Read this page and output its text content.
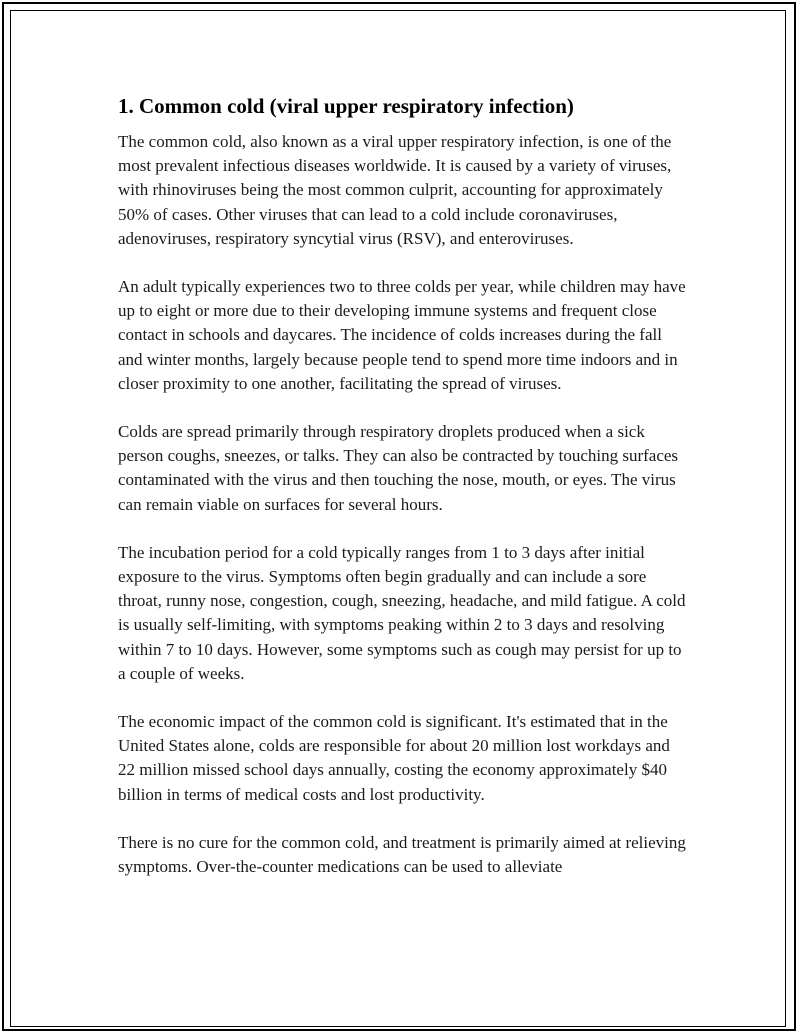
1. Common cold (viral upper respiratory infection)

The common cold, also known as a viral upper respiratory infection, is one of the most prevalent infectious diseases worldwide. It is caused by a variety of viruses, with rhinoviruses being the most common culprit, accounting for approximately 50% of cases. Other viruses that can lead to a cold include coronaviruses, adenoviruses, respiratory syncytial virus (RSV), and enteroviruses.

An adult typically experiences two to three colds per year, while children may have up to eight or more due to their developing immune systems and frequent close contact in schools and daycares. The incidence of colds increases during the fall and winter months, largely because people tend to spend more time indoors and in closer proximity to one another, facilitating the spread of viruses.

Colds are spread primarily through respiratory droplets produced when a sick person coughs, sneezes, or talks. They can also be contracted by touching surfaces contaminated with the virus and then touching the nose, mouth, or eyes. The virus can remain viable on surfaces for several hours.

The incubation period for a cold typically ranges from 1 to 3 days after initial exposure to the virus. Symptoms often begin gradually and can include a sore throat, runny nose, congestion, cough, sneezing, headache, and mild fatigue. A cold is usually self-limiting, with symptoms peaking within 2 to 3 days and resolving within 7 to 10 days. However, some symptoms such as cough may persist for up to a couple of weeks.

The economic impact of the common cold is significant. It's estimated that in the United States alone, colds are responsible for about 20 million lost workdays and 22 million missed school days annually, costing the economy approximately $40 billion in terms of medical costs and lost productivity.

There is no cure for the common cold, and treatment is primarily aimed at relieving symptoms. Over-the-counter medications can be used to alleviate
